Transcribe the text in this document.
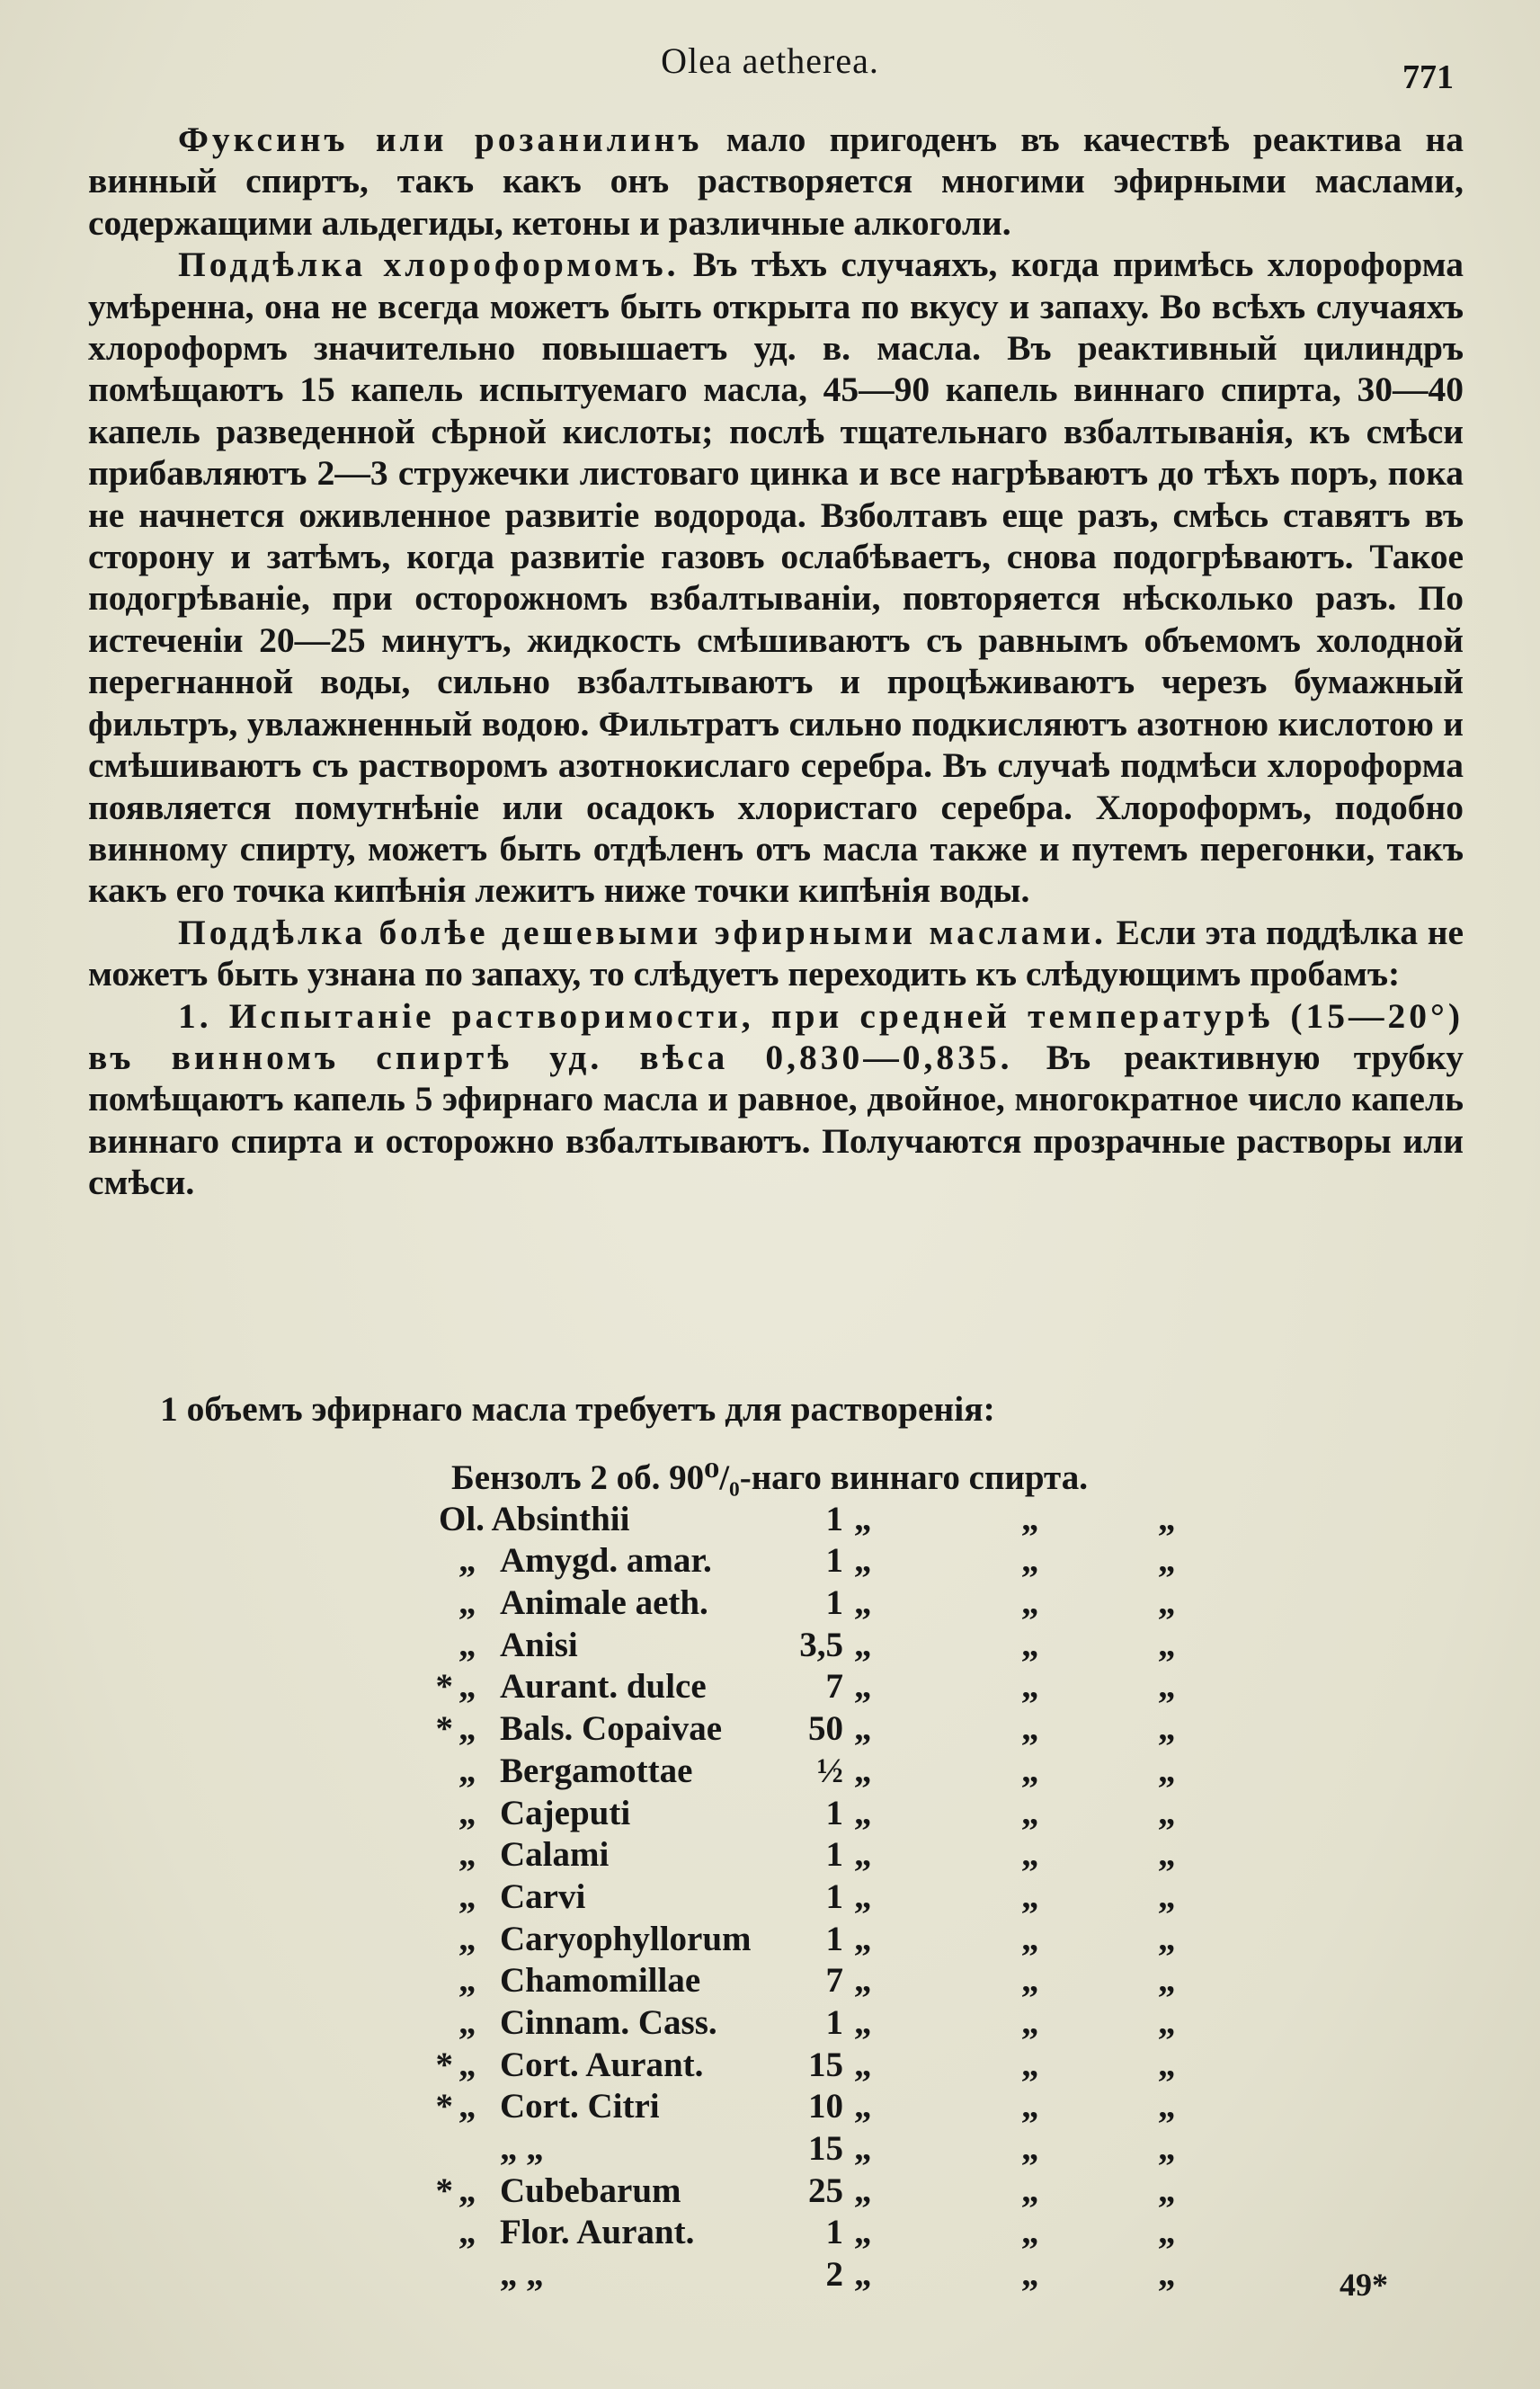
Olea aetherea.	771

Фуксинъ или розанилинъ мало пригоденъ въ качествѣ реактива на винный спиртъ, такъ какъ онъ растворяется многими эфирными маслами, содержащими альдегиды, кетоны и различные алкоголи.

Поддѣлка хлороформомъ. Въ тѣхъ случаяхъ, когда примѣсь хлороформа умѣренна, она не всегда можетъ быть открыта по вкусу и запаху. Во всѣхъ случаяхъ хлороформъ значительно повышаетъ уд. в. масла. Въ реактивный цилиндръ помѣщаютъ 15 капель испытуемаго масла, 45—90 капель виннаго спирта, 30—40 капель разведенной сѣрной кислоты; послѣ тщательнаго взбалтыванія, къ смѣси прибавляютъ 2—3 стружечки листоваго цинка и все нагрѣваютъ до тѣхъ поръ, пока не начнется оживленное развитіе водорода. Взболтавъ еще разъ, смѣсь ставятъ въ сторону и затѣмъ, когда развитіе газовъ ослабѣваетъ, снова подогрѣваютъ. Такое подогрѣваніе, при осторожномъ взбалтываніи, повторяется нѣсколько разъ. По истеченіи 20—25 минутъ, жидкость смѣшиваютъ съ равнымъ объемомъ холодной перегнанной воды, сильно взбалтываютъ и процѣживаютъ черезъ бумажный фильтръ, увлажненный водою. Фильтратъ сильно подкисляютъ азотною кислотою и смѣшиваютъ съ растворомъ азотнокислаго серебра. Въ случаѣ подмѣси хлороформа появляется помутнѣніе или осадокъ хлористаго серебра. Хлороформъ, подобно винному спирту, можетъ быть отдѣленъ отъ масла также и путемъ перегонки, такъ какъ его точка кипѣнія лежитъ ниже точки кипѣнія воды.

Поддѣлка болѣе дешевыми эфирными маслами. Если эта поддѣлка не можетъ быть узнана по запаху, то слѣдуетъ переходить къ слѣдующимъ пробамъ:

1. Испытаніе растворимости, при средней температурѣ (15—20°) въ винномъ спиртѣ уд. вѣса 0,830—0,835. Въ реактивную трубку помѣщаютъ капель 5 эфирнаго масла и равное, двойное, многократное число капель виннаго спирта и осторожно взбалтываютъ. Получаются прозрачные растворы или смѣси.

1 объемъ эфирнаго масла требуетъ для растворенія:
Бензолъ 2 об. 90⁰/₀-наго виннаго спирта.
Ol. Absinthii	1 „	„	„
„ Amygd. amar.	1 „	„	„
„ Animale aeth.	1 „	„	„
„ Anisi	3,5 „	„	„
* „ Aurant. dulce	7 „	„	„
* „ Bals. Copaivae 50 „	„	„
„ Bergamottae	½ „	„	„
„ Cajeputi	1 „	„	„
„ Calami	1 „	„	„
„ Carvi	1 „	„	„
„ Caryophyllorum 1 „	„	„
„ Chamomillae	7 „	„	„
„ Cinnam. Cass.	1 „	„	„
* „ Cort. Aurant.	15 „	„	„
* „ Cort. Citri	10 „	„	„
„ „	15 „	„	„
* „ Cubebarum	25 „	„	„
„ Flor. Aurant.	1 „	„	„
„ „	2 „	„	„	49*
